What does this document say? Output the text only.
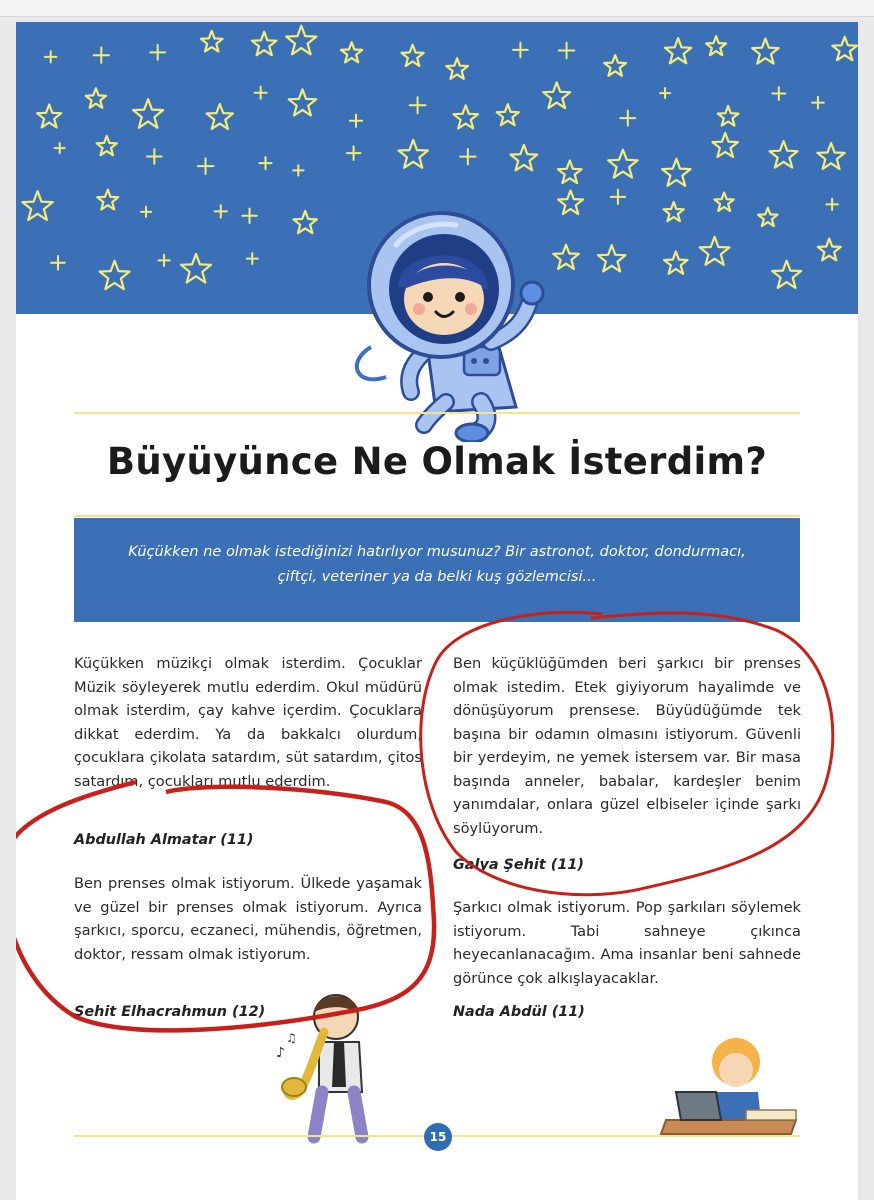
Büyüyünce Ne Olmak İsterdim?
Küçükken ne olmak istediğinizi hatırlıyor musunuz? Bir astronot, doktor, dondurmacı,
çiftçi, veteriner ya da belki kuş gözlemcisi...
Küçükken müzikçi olmak isterdim. Çocuklar Müzik söyleyerek mutlu ederdim. Okul müdürü olmak isterdim, çay kahve içerdim. Çocuklara dikkat ederdim. Ya da bakkalcı olurdum, çocuklara çikolata satardım, süt satardım, çitos satardım, çocukları mutlu ederdim.
Abdullah Almatar (11)
Ben prenses olmak istiyorum. Ülkede yaşamak ve güzel bir prenses olmak istiyorum. Ayrıca şarkıcı, sporcu, eczaneci, mühendis, öğretmen, doktor, ressam olmak istiyorum.
Şehit Elhacrahmun (12)
Ben küçüklüğümden beri şarkıcı bir prenses olmak istedim. Etek giyiyorum hayalimde ve dönüşüyorum prensese. Büyüdüğümde tek başına bir odamın olmasını istiyorum. Güvenli bir yerdeyim, ne yemek istersem var. Bir masa başında anneler, babalar, kardeşler benim yanımdalar, onlara güzel elbiseler içinde şarkı söylüyorum.
Galya Şehit (11)
Şarkıcı olmak istiyorum. Pop şarkıları söylemek istiyorum. Tabi sahneye çıkınca heyecanlanacağım. Ama insanlar beni sahnede görünce çok alkışlayacaklar.
Nada Abdül (11)
♪
♫
15
